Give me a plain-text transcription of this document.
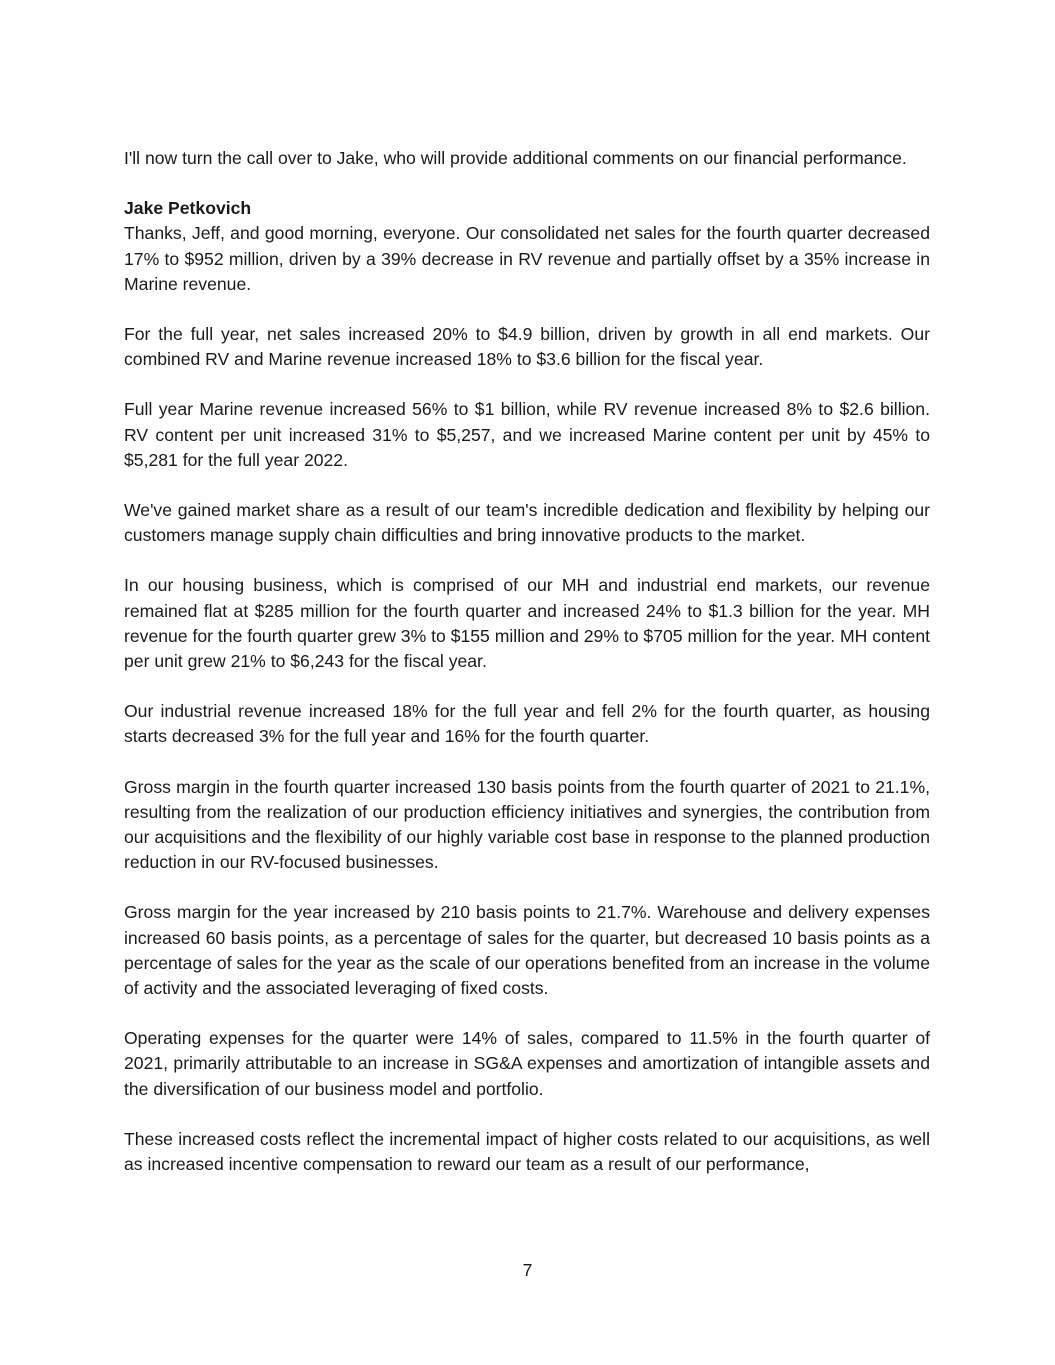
I'll now turn the call over to Jake, who will provide additional comments on our financial performance.

Jake Petkovich

Thanks, Jeff, and good morning, everyone. Our consolidated net sales for the fourth quarter decreased 17% to $952 million, driven by a 39% decrease in RV revenue and partially offset by a 35% increase in Marine revenue.

For the full year, net sales increased 20% to $4.9 billion, driven by growth in all end markets. Our combined RV and Marine revenue increased 18% to $3.6 billion for the fiscal year.

Full year Marine revenue increased 56% to $1 billion, while RV revenue increased 8% to $2.6 billion. RV content per unit increased 31% to $5,257, and we increased Marine content per unit by 45% to $5,281 for the full year 2022.

We've gained market share as a result of our team's incredible dedication and flexibility by helping our customers manage supply chain difficulties and bring innovative products to the market.

In our housing business, which is comprised of our MH and industrial end markets, our revenue remained flat at $285 million for the fourth quarter and increased 24% to $1.3 billion for the year. MH revenue for the fourth quarter grew 3% to $155 million and 29% to $705 million for the year. MH content per unit grew 21% to $6,243 for the fiscal year.

Our industrial revenue increased 18% for the full year and fell 2% for the fourth quarter, as housing starts decreased 3% for the full year and 16% for the fourth quarter.

Gross margin in the fourth quarter increased 130 basis points from the fourth quarter of 2021 to 21.1%, resulting from the realization of our production efficiency initiatives and synergies, the contribution from our acquisitions and the flexibility of our highly variable cost base in response to the planned production reduction in our RV-focused businesses.

Gross margin for the year increased by 210 basis points to 21.7%. Warehouse and delivery expenses increased 60 basis points, as a percentage of sales for the quarter, but decreased 10 basis points as a percentage of sales for the year as the scale of our operations benefited from an increase in the volume of activity and the associated leveraging of fixed costs.

Operating expenses for the quarter were 14% of sales, compared to 11.5% in the fourth quarter of 2021, primarily attributable to an increase in SG&A expenses and amortization of intangible assets and the diversification of our business model and portfolio.

These increased costs reflect the incremental impact of higher costs related to our acquisitions, as well as increased incentive compensation to reward our team as a result of our performance,

7
